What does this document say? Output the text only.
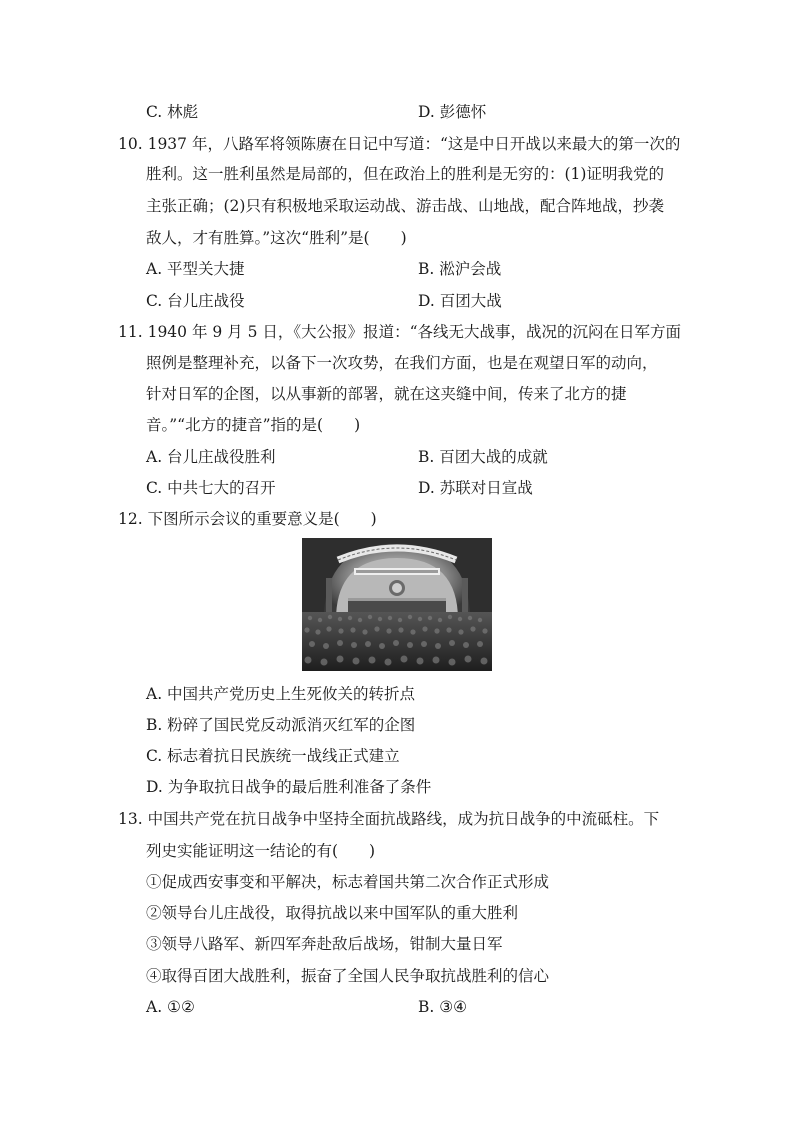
C. 林彪	D. 彭德怀
10. 1937 年，八路军将领陈赓在日记中写道：“这是中日开战以来最大的第一次的
胜利。这一胜利虽然是局部的，但在政治上的胜利是无穷的：(1)证明我党的
主张正确；(2)只有积极地采取运动战、游击战、山地战，配合阵地战，抄袭
敌人，才有胜算。”这次“胜利”是(　　)
A. 平型关大捷	B. 淞沪会战
C. 台儿庄战役	D. 百团大战
11. 1940 年 9 月 5 日，《大公报》报道：“各线无大战事，战况的沉闷在日军方面
照例是整理补充，以备下一次攻势，在我们方面，也是在观望日军的动向，
针对日军的企图，以从事新的部署，就在这夹缝中间，传来了北方的捷
音。”“北方的捷音”指的是(　　)
A. 台儿庄战役胜利	B. 百团大战的成就
C. 中共七大的召开	D. 苏联对日宣战
12. 下图所示会议的重要意义是(　　)
A. 中国共产党历史上生死攸关的转折点
B. 粉碎了国民党反动派消灭红军的企图
C. 标志着抗日民族统一战线正式建立
D. 为争取抗日战争的最后胜利准备了条件
13. 中国共产党在抗日战争中坚持全面抗战路线，成为抗日战争的中流砥柱。下
列史实能证明这一结论的有(　　)
①促成西安事变和平解决，标志着国共第二次合作正式形成
②领导台儿庄战役，取得抗战以来中国军队的重大胜利
③领导八路军、新四军奔赴敌后战场，钳制大量日军
④取得百团大战胜利，振奋了全国人民争取抗战胜利的信心
A. ①②	B. ③④
